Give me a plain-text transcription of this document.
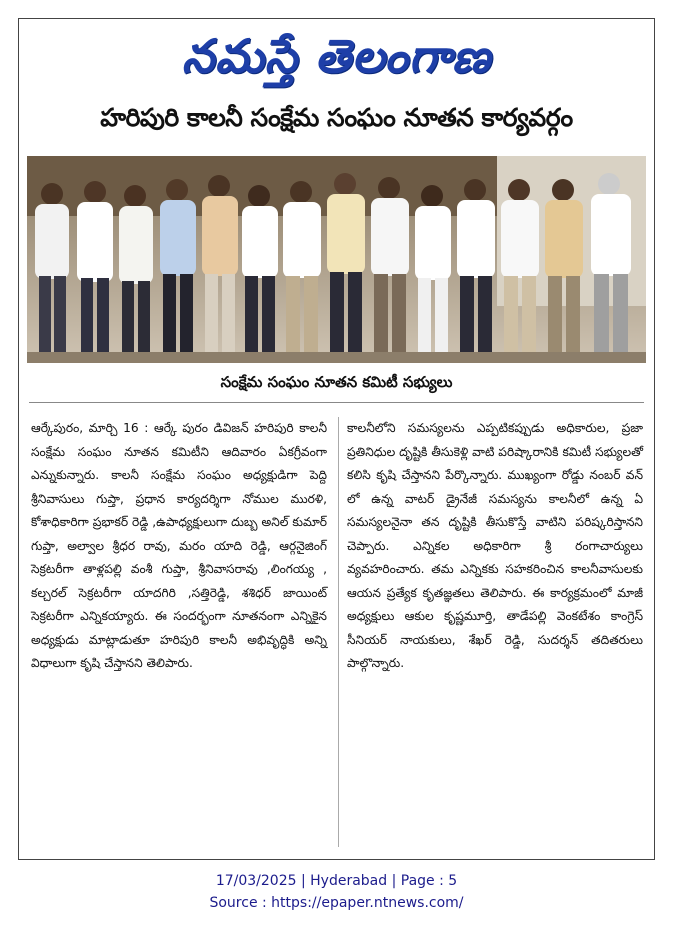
నమస్తే తెలంగాణ
హరిపురి కాలనీ సంక్షేమ సంఘం నూతన కార్యవర్గం
సంక్షేమ సంఘం నూతన కమిటీ సభ్యులు

ఆర్కేపురం, మార్చి 16 : ఆర్కే పురం డివిజన్ హరిపురి కాలనీ సంక్షేమ సంఘం నూతన కమిటీని ఆదివారం ఏకగ్రీవంగా ఎన్నుకున్నారు. కాలనీ సంక్షేమ సంఘం అధ్యక్షుడిగా పెద్ది శ్రీనివాసులు గుప్తా, ప్రధాన కార్యదర్శిగా నోముల మురళి, కోశాధికారిగా ప్రభాకర్ రెడ్డి ,ఉపాధ్యక్షులుగా దుబ్బ అనిల్ కుమార్ గుప్తా, అల్వాల శ్రీధర రావు, మరం యాది రెడ్డి, ఆర్గనైజింగ్ సెక్రటరీగా తాళ్లపల్లి వంశీ గుప్తా, శ్రీనివాసరావు ,లింగయ్య , కల్చరల్ సెక్రటరీగా యాదగిరి ,సత్తిరెడ్డి, శశిధర్ జాయింట్ సెక్రటరీగా ఎన్నికయ్యారు. ఈ సందర్భంగా నూతనంగా ఎన్నికైన అధ్యక్షుడు మాట్లాడుతూ హరిపురి కాలనీ అభివృద్ధికి అన్ని విధాలుగా కృషి చేస్తానని తెలిపారు.

కాలనీలోని సమస్యలను ఎప్పటికప్పుడు అధికారుల, ప్రజా ప్రతినిధుల దృష్టికి తీసుకెళ్లి వాటి పరిష్కారానికి కమిటీ సభ్యులతో కలిసి కృషి చేస్తానని పేర్కొన్నారు. ముఖ్యంగా రోడ్డు నంబర్ వన్ లో ఉన్న వాటర్ డ్రైనేజీ సమస్యను కాలనీలో ఉన్న ఏ సమస్యలనైనా తన దృష్టికి తీసుకొస్తే వాటిని పరిష్కరిస్తానని చెప్పారు. ఎన్నికల అధికారిగా శ్రీ రంగాచార్యులు వ్యవహరించారు. తమ ఎన్నికకు సహకరించిన కాలనీవాసులకు ఆయన ప్రత్యేక కృతజ్ఞతలు తెలిపారు. ఈ కార్యక్రమంలో మాజీ అధ్యక్షులు ఆకుల కృష్ణమూర్తి, తాడేపల్లి వెంకటేశం కాంగ్రెస్ సీనియర్ నాయకులు, శేఖర్ రెడ్డి, సుదర్శన్ తదితరులు పాల్గొన్నారు.

17/03/2025 | Hyderabad | Page : 5
Source : https://epaper.ntnews.com/
